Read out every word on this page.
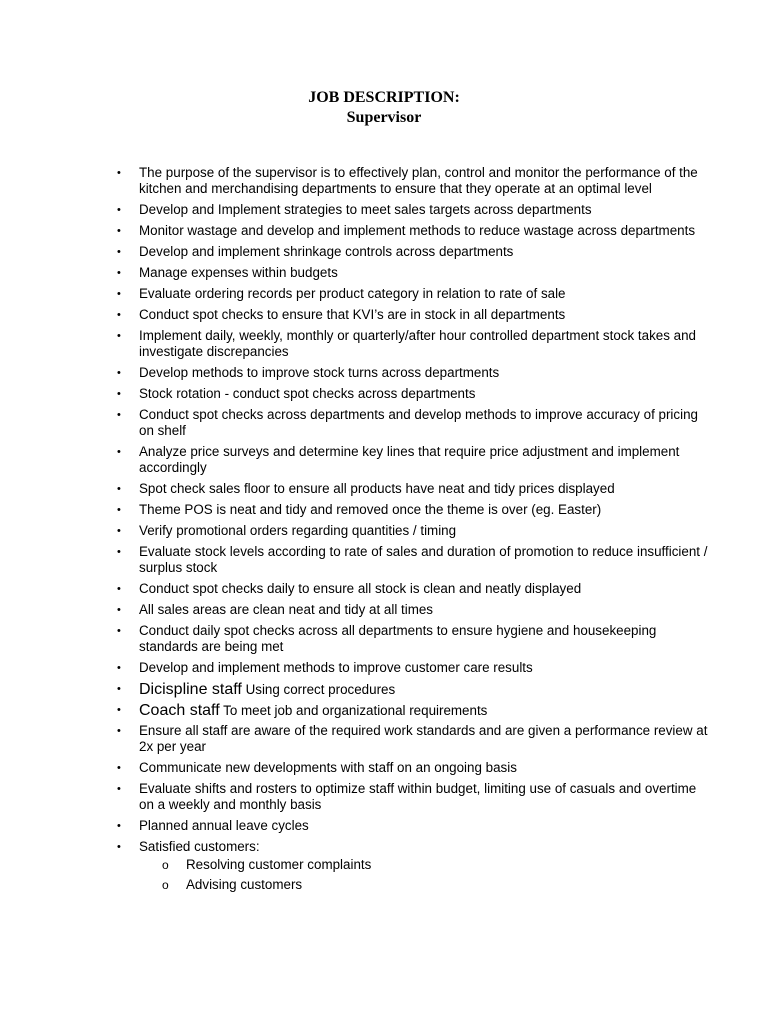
JOB DESCRIPTION:
Supervisor
• The purpose of the supervisor is to effectively plan, control and monitor the performance of the kitchen and merchandising departments to ensure that they operate at an optimal level
• Develop and Implement strategies to meet sales targets across departments
• Monitor wastage and develop and implement methods to reduce wastage across departments
• Develop and implement shrinkage controls across departments
• Manage expenses within budgets
• Evaluate ordering records per product category in relation to rate of sale
• Conduct spot checks to ensure that KVI’s are in stock in all departments
• Implement daily, weekly, monthly or quarterly/after hour controlled department stock takes and investigate discrepancies
• Develop methods to improve stock turns across departments
• Stock rotation - conduct spot checks across departments
• Conduct spot checks across departments and develop methods to improve accuracy of pricing on shelf
• Analyze price surveys and determine key lines that require price adjustment and implement accordingly
• Spot check sales floor to ensure all products have neat and tidy prices displayed
• Theme POS is neat and tidy and removed once the theme is over (eg. Easter)
• Verify promotional orders regarding quantities / timing
• Evaluate stock levels according to rate of sales and duration of promotion to reduce insufficient / surplus stock
• Conduct spot checks daily to ensure all stock is clean and neatly displayed
• All sales areas are clean neat and tidy at all times
• Conduct daily spot checks across all departments to ensure hygiene and housekeeping standards are being met
• Develop and implement methods to improve customer care results
• Dicispline staff Using correct procedures
• Coach staff To meet job and organizational requirements
• Ensure all staff are aware of the required work standards and are given a performance review at 2x per year
• Communicate new developments with staff on an ongoing basis
• Evaluate shifts and rosters to optimize staff within budget, limiting use of casuals and overtime on a weekly and monthly basis
• Planned annual leave cycles
• Satisfied customers:
o Resolving customer complaints
o Advising customers
